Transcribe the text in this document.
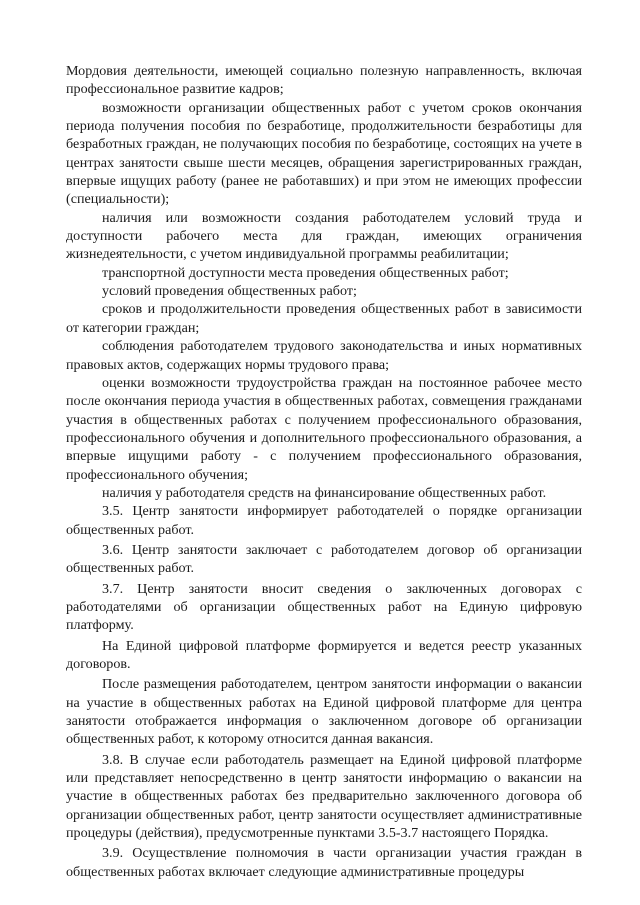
Мордовия деятельности, имеющей социально полезную направленность, включая профессиональное развитие кадров;

возможности организации общественных работ с учетом сроков окончания периода получения пособия по безработице, продолжительности безработицы для безработных граждан, не получающих пособия по безработице, состоящих на учете в центрах занятости свыше шести месяцев, обращения зарегистрированных граждан, впервые ищущих работу (ранее не работавших) и при этом не имеющих профессии (специальности);

наличия или возможности создания работодателем условий труда и доступности рабочего места для граждан, имеющих ограничения жизнедеятельности, с учетом индивидуальной программы реабилитации;

транспортной доступности места проведения общественных работ;

условий проведения общественных работ;

сроков и продолжительности проведения общественных работ в зависимости от категории граждан;

соблюдения работодателем трудового законодательства и иных нормативных правовых актов, содержащих нормы трудового права;

оценки возможности трудоустройства граждан на постоянное рабочее место после окончания периода участия в общественных работах, совмещения гражданами участия в общественных работах с получением профессионального образования, профессионального обучения и дополнительного профессионального образования, а впервые ищущими работу - с получением профессионального образования, профессионального обучения;

наличия у работодателя средств на финансирование общественных работ.

3.5. Центр занятости информирует работодателей о порядке организации общественных работ.

3.6. Центр занятости заключает с работодателем договор об организации общественных работ.

3.7. Центр занятости вносит сведения о заключенных договорах с работодателями об организации общественных работ на Единую цифровую платформу.

На Единой цифровой платформе формируется и ведется реестр указанных договоров.

После размещения работодателем, центром занятости информации о вакансии на участие в общественных работах на Единой цифровой платформе для центра занятости отображается информация о заключенном договоре об организации общественных работ, к которому относится данная вакансия.

3.8. В случае если работодатель размещает на Единой цифровой платформе или представляет непосредственно в центр занятости информацию о вакансии на участие в общественных работах без предварительно заключенного договора об организации общественных работ, центр занятости осуществляет административные процедуры (действия), предусмотренные пунктами 3.5-3.7 настоящего Порядка.

3.9. Осуществление полномочия в части организации участия граждан в общественных работах включает следующие административные процедуры
